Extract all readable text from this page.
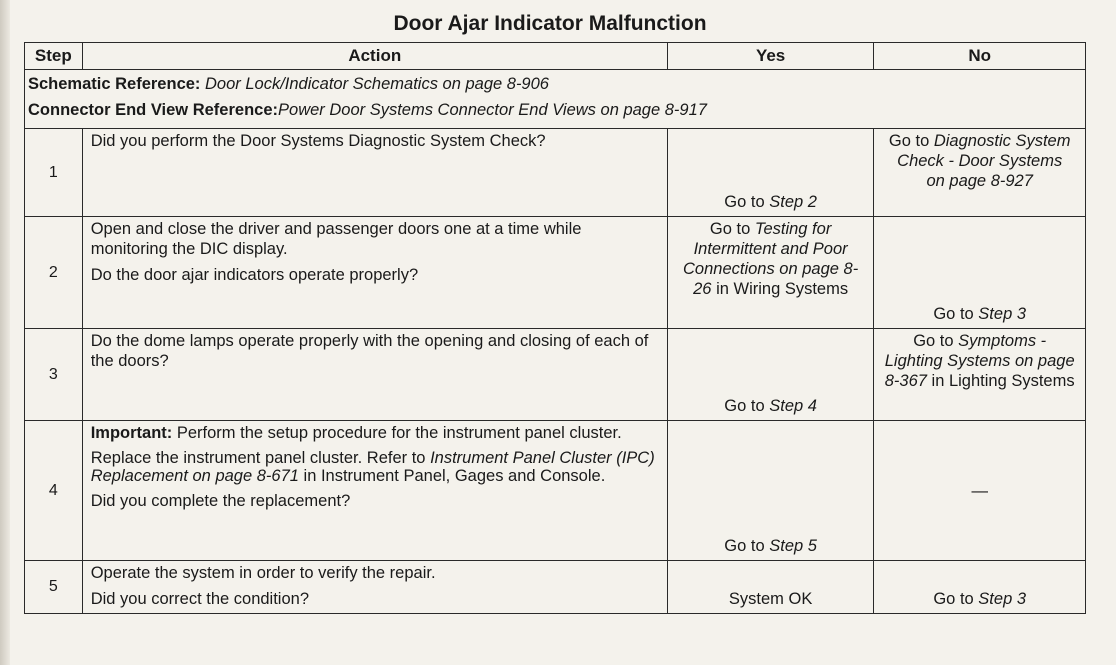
Door Ajar Indicator Malfunction
Step	Action	Yes	No

Schematic Reference: Door Lock/Indicator Schematics on page 8-906
Connector End View Reference:Power Door Systems Connector End Views on page 8-917			

1	Did you perform the Door Systems Diagnostic System Check?	Go to Step 2	Go to Diagnostic System Check - Door Systems on page 8-927
2	Open and close the driver and passenger doors one at a time while monitoring the DIC display.

Do the door ajar indicators operate properly?	Go to Testing for Intermittent and Poor Connections on page 8-26 in Wiring Systems	Go to Step 3
3	Do the dome lamps operate properly with the opening and closing of each of the doors?	Go to Step 4	Go to Symptoms - Lighting Systems on page 8-367 in Lighting Systems
4	Important: Perform the setup procedure for the instrument panel cluster.

Replace the instrument panel cluster. Refer to Instrument Panel Cluster (IPC) Replacement on page 8-671 in Instrument Panel, Gages and Console.

Did you complete the replacement?	Go to Step 5	—
5	Operate the system in order to verify the repair.

Did you correct the condition?	System OK	Go to Step 3
